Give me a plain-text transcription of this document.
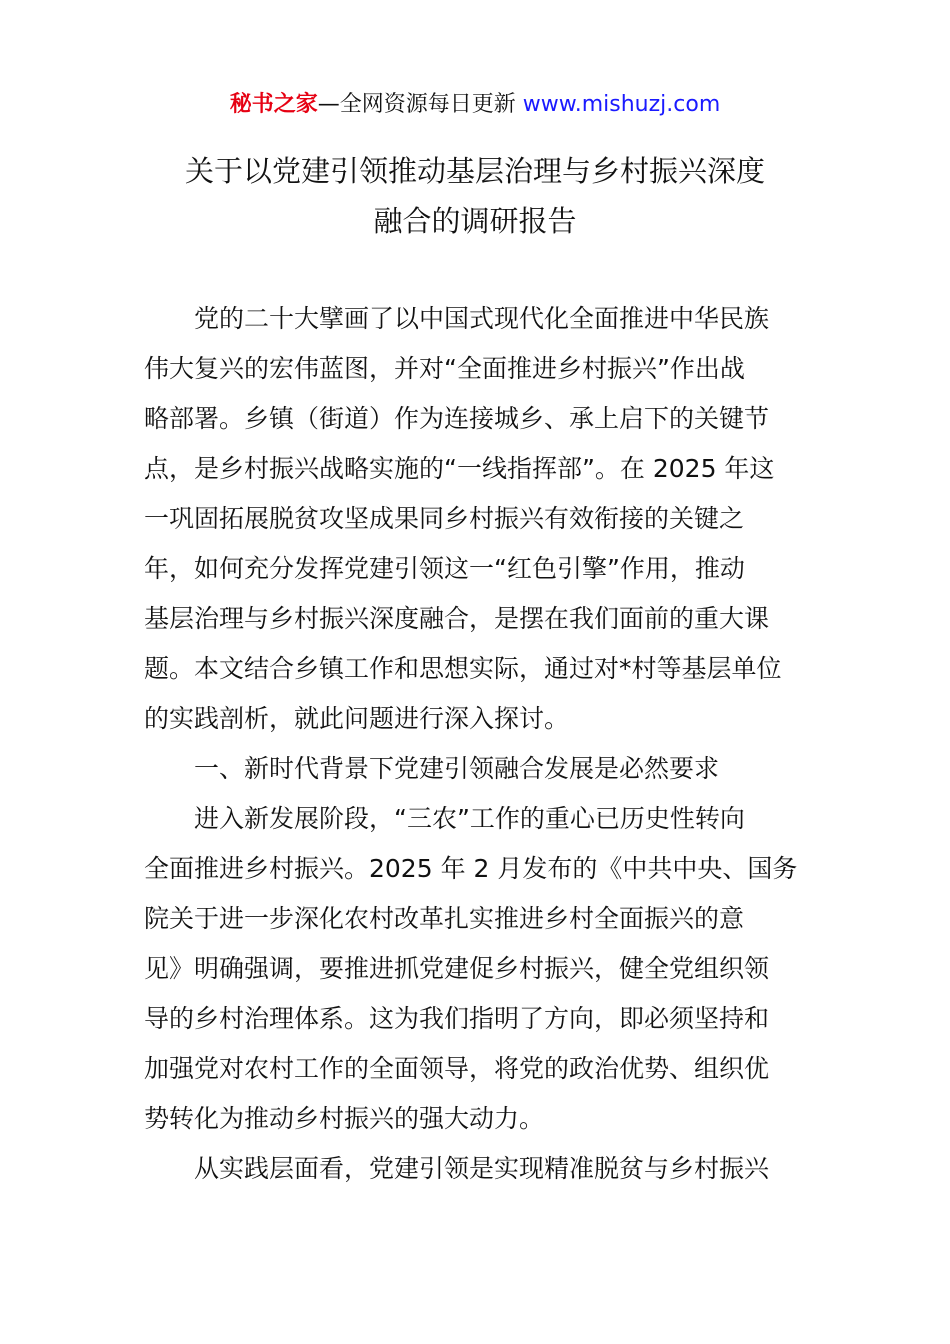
秘书之家—全网资源每日更新 www.mishuzj.com
关于以党建引领推动基层治理与乡村振兴深度
融合的调研报告
党的二十大擘画了以中国式现代化全面推进中华民族
伟大复兴的宏伟蓝图，并对“全面推进乡村振兴”作出战
略部署。乡镇（街道）作为连接城乡、承上启下的关键节
点，是乡村振兴战略实施的“一线指挥部”。在 2025 年这
一巩固拓展脱贫攻坚成果同乡村振兴有效衔接的关键之
年，如何充分发挥党建引领这一“红色引擎”作用，推动
基层治理与乡村振兴深度融合，是摆在我们面前的重大课
题。本文结合乡镇工作和思想实际，通过对*村等基层单位
的实践剖析，就此问题进行深入探讨。
一、新时代背景下党建引领融合发展是必然要求
进入新发展阶段，“三农”工作的重心已历史性转向
全面推进乡村振兴。2025 年 2 月发布的《中共中央、国务
院关于进一步深化农村改革扎实推进乡村全面振兴的意
见》明确强调，要推进抓党建促乡村振兴，健全党组织领
导的乡村治理体系。这为我们指明了方向，即必须坚持和
加强党对农村工作的全面领导，将党的政治优势、组织优
势转化为推动乡村振兴的强大动力。
从实践层面看，党建引领是实现精准脱贫与乡村振兴
